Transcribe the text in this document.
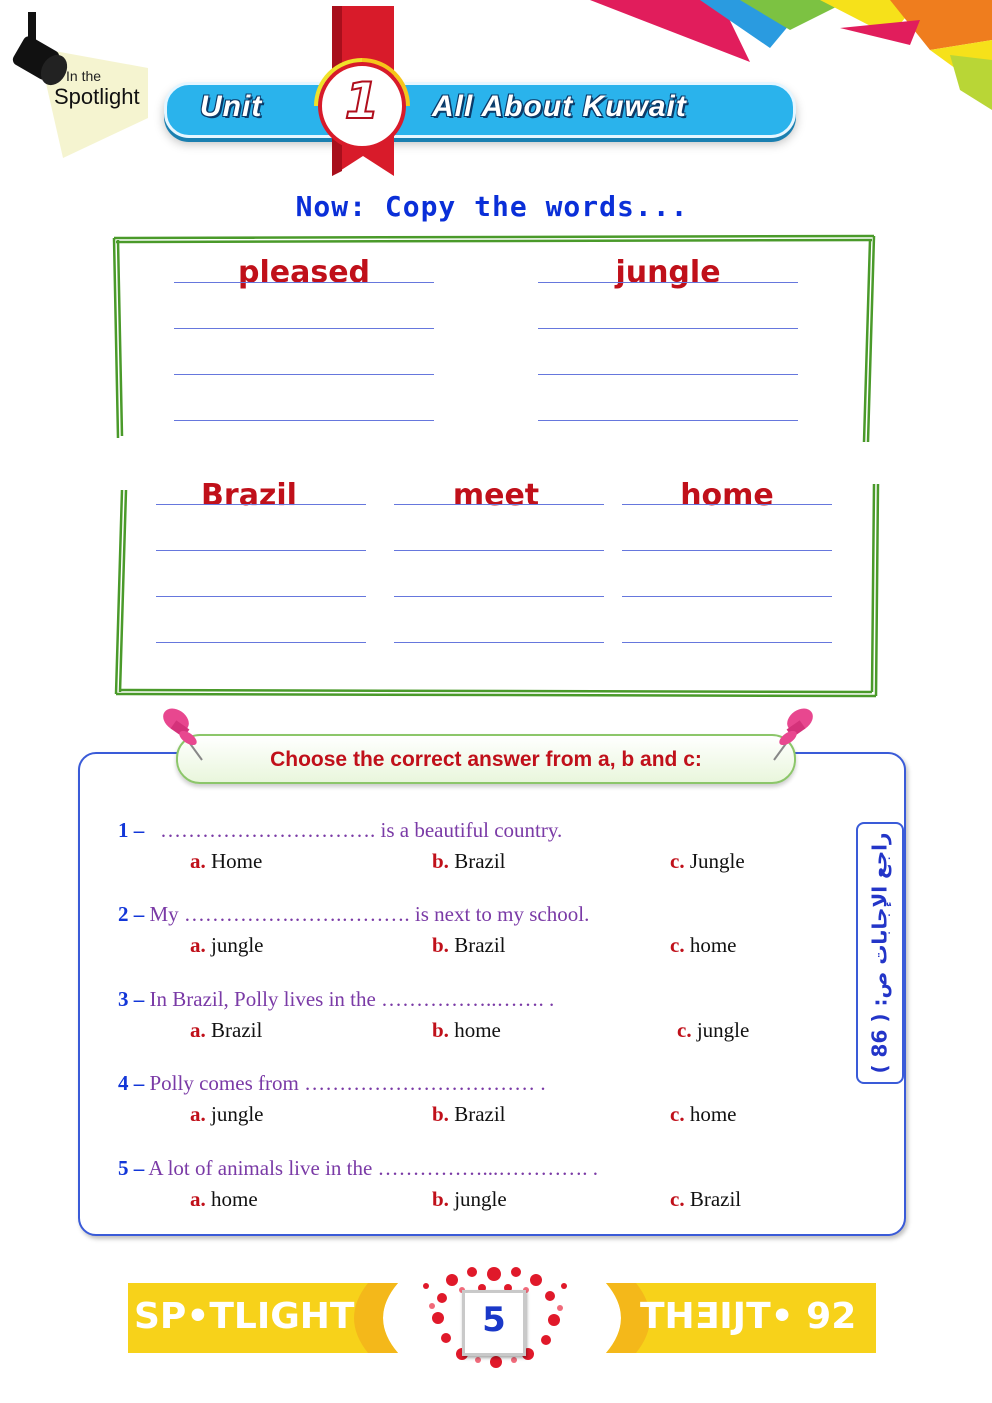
In the
Spotlight Unit	All About Kuwait
1
Now: Copy the words...
pleased	jungle
Brazil	meet	home
Choose the correct answer from a, b and c:
1 – …………………………. is a beautiful country.
a. Home	b. Brazil	c. Jungle
2 – My …………….…….………. is next to my school.
a. jungle	b. Brazil	c. home
3 – In Brazil, Polly lives in the ……………..……. .
a. Brazil	b. home	c. jungle
4 – Polly comes from …………………………… .
a. jungle	b. Brazil	c. home
5 – A lot of animals live in the ……………...…………. .
a. home	b. jungle	c. Brazil
راجع الإجابات ص: ( 86 )
SP•TLIGHT	THƎIJT• 92
5
